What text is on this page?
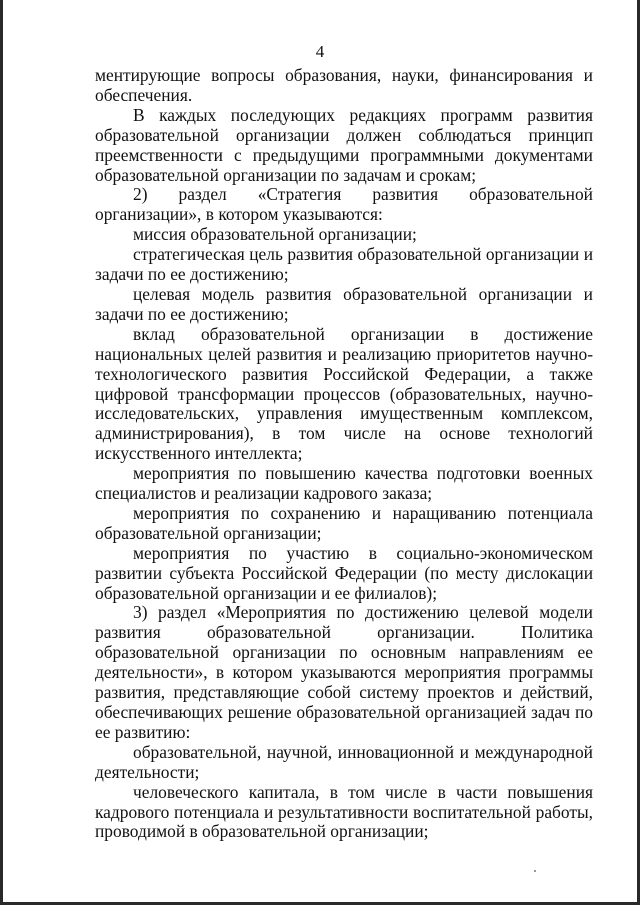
4

ментирующие вопросы образования, науки, финансирования и обеспечения.

В каждых последующих редакциях программ развития образовательной организации должен соблюдаться принцип преемственности с предыдущими программными документами образовательной организации по задачам и срокам;

2) раздел «Стратегия развития образовательной организации», в котором указываются:

миссия образовательной организации;

стратегическая цель развития образовательной организации и задачи по ее достижению;

целевая модель развития образовательной организации и задачи по ее достижению;

вклад образовательной организации в достижение национальных целей развития и реализацию приоритетов научно-технологического развития Российской Федерации, а также цифровой трансформации процессов (образовательных, научно-исследовательских, управления имущественным комплексом, администрирования), в том числе на основе технологий искусственного интеллекта;

мероприятия по повышению качества подготовки военных специалистов и реализации кадрового заказа;

мероприятия по сохранению и наращиванию потенциала образовательной организации;

мероприятия по участию в социально-экономическом развитии субъекта Российской Федерации (по месту дислокации образовательной организации и ее филиалов);

3) раздел «Мероприятия по достижению целевой модели развития образовательной организации. Политика образовательной организации по основным направлениям ее деятельности», в котором указываются мероприятия программы развития, представляющие собой систему проектов и действий, обеспечивающих решение образовательной организацией задач по ее развитию:

образовательной, научной, инновационной и международной деятельности;

человеческого капитала, в том числе в части повышения кадрового потенциала и результативности воспитательной работы, проводимой в образовательной организации;
